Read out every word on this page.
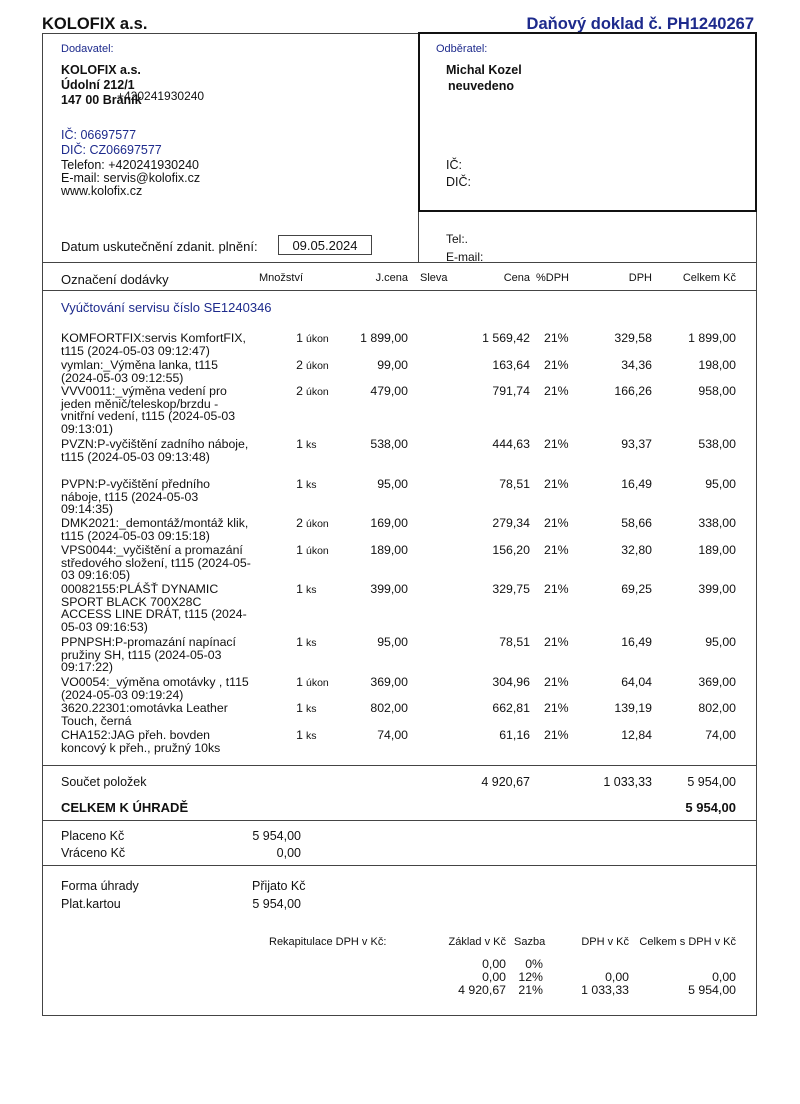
KOLOFIX a.s.	Daňový doklad č. PH1240267
Dodavatel:
KOLOFIX a.s.
Údolní 212/1
147 00 Braník
+420241930240
IČ: 06697577
DIČ: CZ06697577
Telefon: +420241930240
E-mail: servis@kolofix.cz
www.kolofix.cz
Odběratel:
Michal Kozel
neuvedeno
IČ:
DIČ:
Tel:.
E-mail:
Datum uskutečnění zdanit. plnění:	09.05.2024
Označení dodávky	Množství	J.cena Sleva	Cena %DPH	DPH	Celkem Kč
Vyúčtování servisu číslo SE1240346
KOMFORTFIX:servis KomfortFIX, t115 (2024-05-03 09:12:47)
1 úkon	1 899,00	1 569,42 21%	329,58	1 899,00
vymlan:_Výměna lanka, t115 (2024-05-03 09:12:55)
2 úkon	99,00	163,64 21%	34,36	198,00
VVV0011:_výměna vedení pro jeden měnič/teleskop/brzdu - vnitřní vedení, t115 (2024-05-03 09:13:01)
2 úkon	479,00	791,74 21%	166,26	958,00
PVZN:P-vyčištění zadního náboje, t115 (2024-05-03 09:13:48)
1 ks	538,00	444,63 21%	93,37	538,00
PVPN:P-vyčištění předního náboje, t115 (2024-05-03 09:14:35)
1 ks	95,00	78,51 21%	16,49	95,00
DMK2021:_demontáž/montáž klik, t115 (2024-05-03 09:15:18)
2 úkon	169,00	279,34 21%	58,66	338,00
VPS0044:_vyčištění a promazání středového složení, t115 (2024-05-03 09:16:05)
1 úkon	189,00	156,20 21%	32,80	189,00
00082155:PLÁŠŤ DYNAMIC SPORT BLACK 700X28C ACCESS LINE DRÁT, t115 (2024-05-03 09:16:53)
1 ks	399,00	329,75 21%	69,25	399,00
PPNPSH:P-promazání napínací pružiny SH, t115 (2024-05-03 09:17:22)
1 ks	95,00	78,51 21%	16,49	95,00
VO0054:_výměna omotávky , t115 (2024-05-03 09:19:24)
1 úkon	369,00	304,96 21%	64,04	369,00
3620.22301:omotávka Leather Touch, černá
1 ks	802,00	662,81 21%	139,19	802,00
CHA152:JAG přeh. bovden koncový k přeh., pružný 10ks
1 ks	74,00	61,16 21%	12,84	74,00
Součet položek	4 920,67	1 033,33	5 954,00
CELKEM K ÚHRADĚ	5 954,00
Placeno Kč	5 954,00
Vráceno Kč	0,00
Forma úhrady	Přijato Kč
Plat.kartou	5 954,00
Rekapitulace DPH v Kč:	Základ v Kč Sazba	DPH v Kč Celkem s DPH v Kč
0,00 0%
0,00 12%	0,00	0,00
4 920,67 21%	1 033,33	5 954,00
